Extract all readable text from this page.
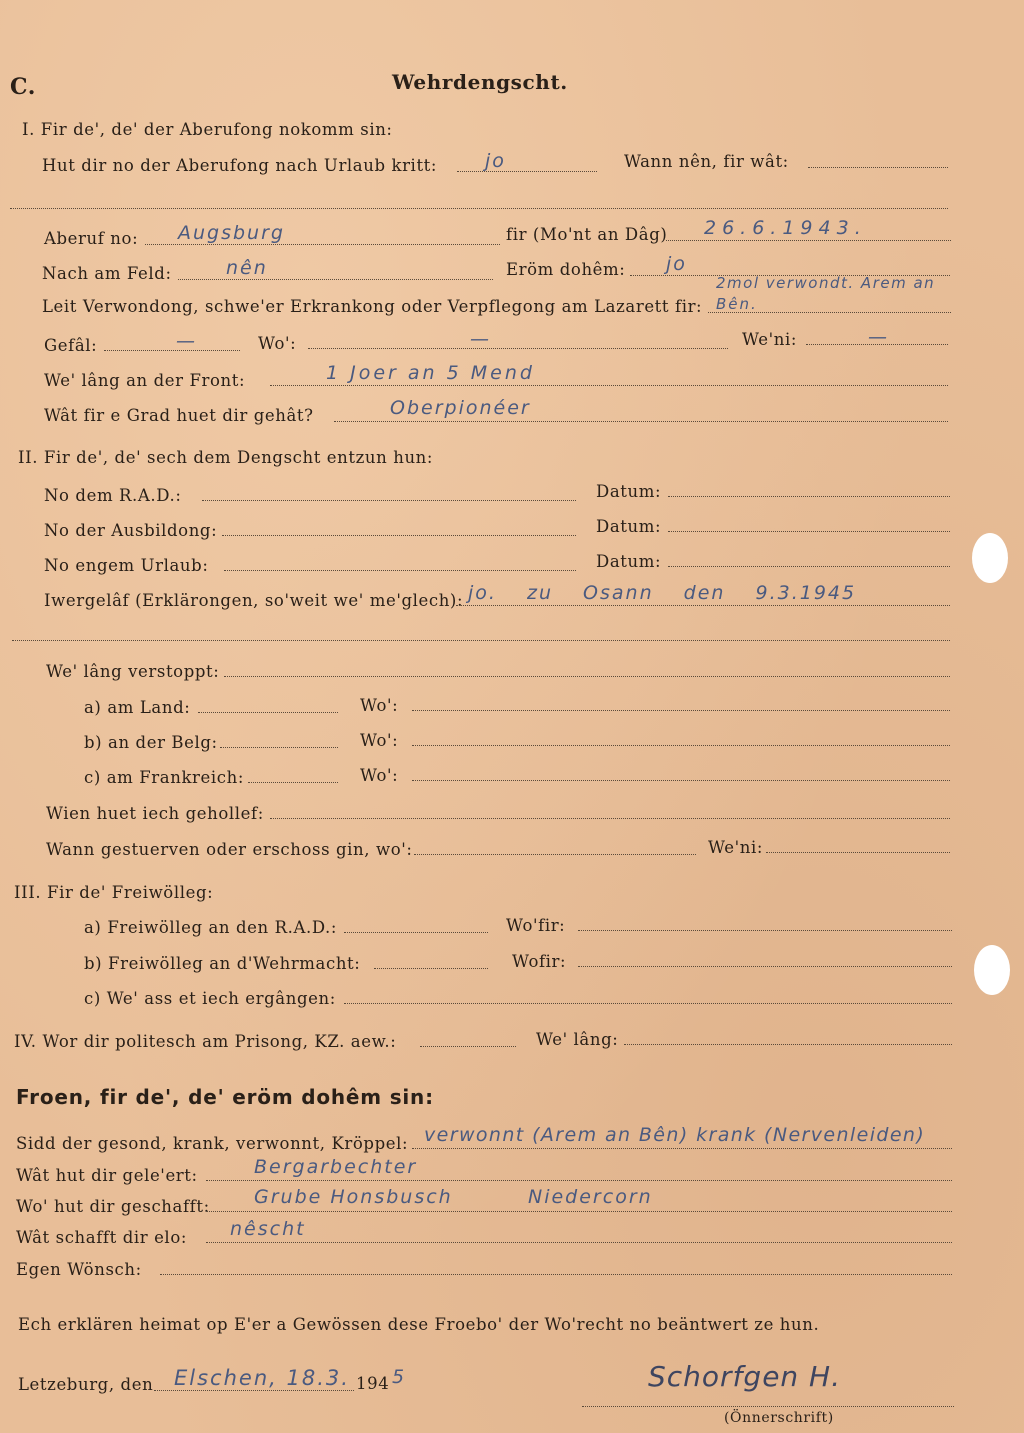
C.	Wehrdengscht.
I. Fir de', de' der Aberufong nokomm sin:
Hut dir no der Aberufong nach Urlaub kritt:	jo	Wann nên, fir wât:
Aberuf no: Augsburg	fir (Mo'nt an Dâg) 26.6.1943.
Nach am Feld:	nên	Eröm dohêm: jo
Leit Verwondong, schwe'er Erkrankong oder Verpflegong am Lazarett fir:
2mol verwondt. Arem an
Bên.
Gefâl:	—	Wo':	—	We'ni:	—
We' lâng an der Front:	1 Joer an 5 Mend
Wât fir e Grad huet dir gehât?	Oberpionéer
II. Fir de', de' sech dem Dengscht entzun hun:
No dem R.A.D.:	Datum:
No der Ausbildong:	Datum:
No engem Urlaub:	Datum:
Iwergelâf (Erklärongen, so'weit we' me'glech): jo. zu Osann den 9.3.1945
We' lâng verstoppt:
a) am Land:	Wo':
b) an der Belg:	Wo':
c) am Frankreich:	Wo':
Wien huet iech gehollef:
Wann gestuerven oder erschoss gin, wo':	We'ni:
III. Fir de' Freiwölleg:
a) Freiwölleg an den R.A.D.:	Wo'fir:
b) Freiwölleg an d'Wehrmacht:	Wofir:
c) We' ass et iech ergângen:
IV. Wor dir politesch am Prisong, KZ. aew.:	We' lâng:
Froen, fir de', de' eröm dohêm sin:
Sidd der gesond, krank, verwonnt, Kröppel: verwonnt (Arem an Bên) krank (Nervenleiden)
Wât hut dir gele'ert:	Bergarbechter
Wo' hut dir geschafft: Grube Honsbusch	Niedercorn
Wât schafft dir elo: nêscht
Egen Wönsch:
Ech erklären heimat op E'er a Gewössen dese Froebo' der Wo'recht no beäntwert ze hun.
Letzeburg, den Elschen, 18.3. 194 5	Schorfgen H.
(Önnerschrift)
